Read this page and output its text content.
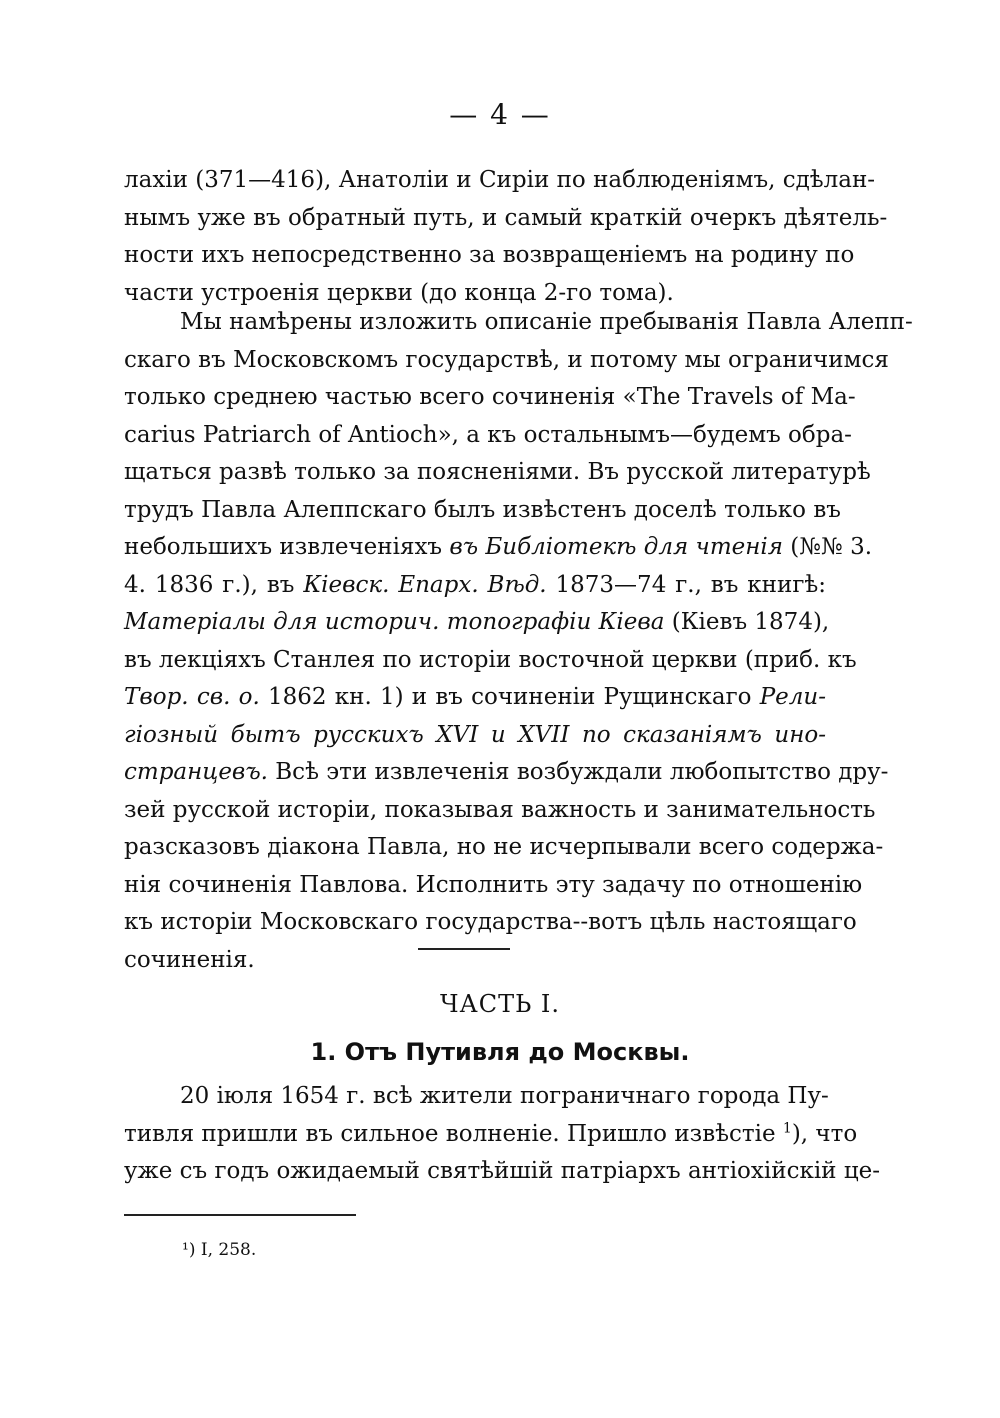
— 4 —
лахіи (371—416), Анатоліи и Сиріи по наблюденіямъ, сдѣлан-
нымъ уже въ обратный путь, и самый краткій очеркъ дѣятель-
ности ихъ непосредственно за возвращеніемъ на родину по
части устроенія церкви (до конца 2-го тома).
Мы намѣрены изложить описаніе пребыванія Павла Алепп-
скаго въ Московскомъ государствѣ, и потому мы ограничимся
только среднею частью всего сочиненія «The Travels of Ma-
carius Patriarch of Antioch», а къ остальнымъ—будемъ обра-
щаться развѣ только за поясненіями. Въ русской литературѣ
трудъ Павла Алеппскаго былъ извѣстенъ доселѣ только въ
небольшихъ извлеченіяхъ въ Библіотекѣ для чтенія (№№ 3.
4. 1836 г.), въ Кіевск. Епарх. Вѣд. 1873—74 г., въ книгѣ:
Матеріалы для историч. топографіи Кіева (Кіевъ 1874),
въ лекціяхъ Станлея по исторіи восточной церкви (приб. къ
Твор. св. о. 1862 кн. 1) и въ сочиненіи Рущинскаго Рели-
гіозный бытъ русскихъ XVI и XVII по сказаніямъ ино-
странцевъ. Всѣ эти извлеченія возбуждали любопытство дру-
зей русской исторіи, показывая важность и занимательность
разсказовъ діакона Павла, но не исчерпывали всего содержа-
нія сочиненія Павлова. Исполнить эту задачу по отношенію
къ исторіи Московскаго государства--вотъ цѣль настоящаго
сочиненія.
ЧАСТЬ I.
1. Отъ Путивля до Москвы.
20 іюля 1654 г. всѣ жители пограничнаго города Пу-
тивля пришли въ сильное волненіе. Пришло извѣстіе $^1$), что
уже съ годъ ожидаемый святѣйшій патріархъ антіохійскій це-
¹) I, 258.
